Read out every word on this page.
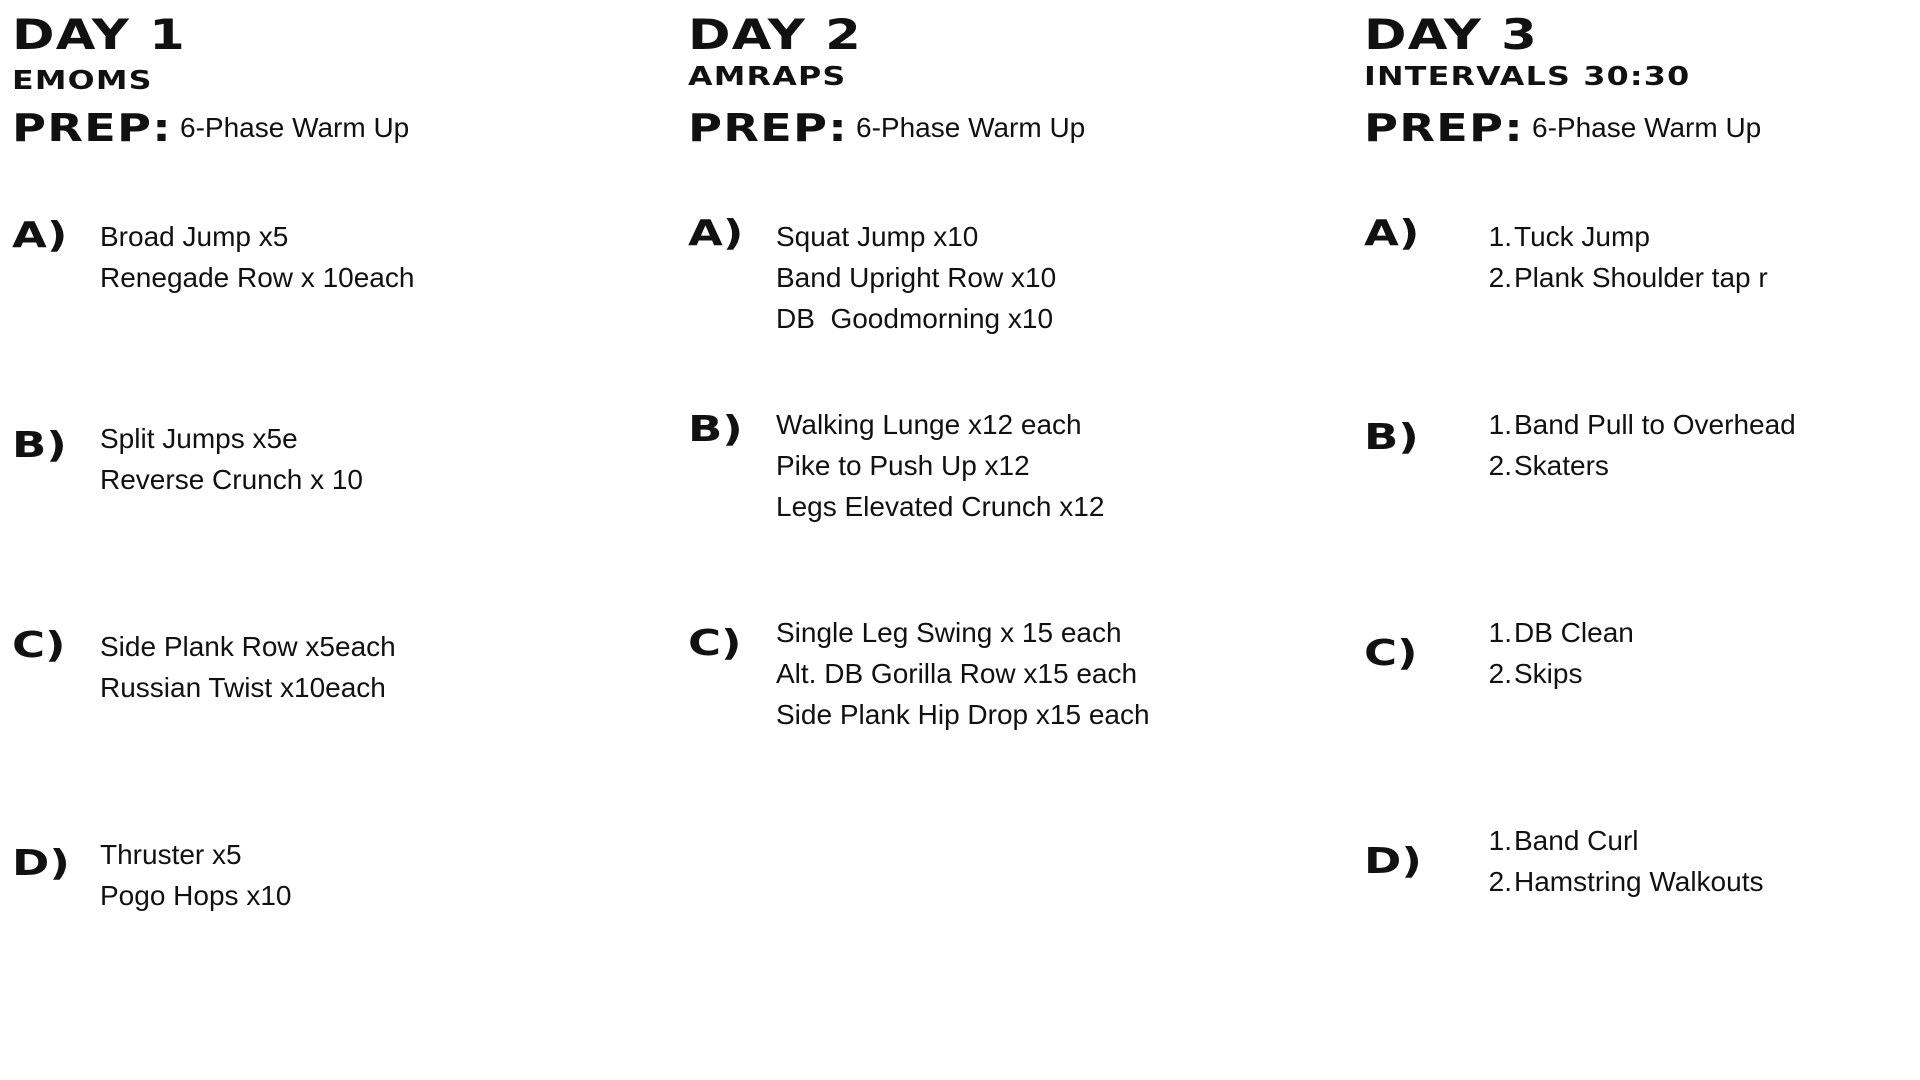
DAY 1
EMOMS
PREP: 6-Phase Warm Up
A) Broad Jump x5
Renegade Row x 10each
B) Split Jumps x5e
Reverse Crunch x 10
C) Side Plank Row x5each
Russian Twist x10each
D) Thruster x5
Pogo Hops x10
DAY 2
AMRAPS
PREP: 6-Phase Warm Up
A) Squat Jump x10
Band Upright Row x10
DB  Goodmorning x10
B) Walking Lunge x12 each
Pike to Push Up x12
Legs Elevated Crunch x12
C) Single Leg Swing x 15 each
Alt. DB Gorilla Row x15 each
Side Plank Hip Drop x15 each
DAY 3
INTERVALS 30:30
PREP: 6-Phase Warm Up
A) 1.Tuck Jump
2.Plank Shoulder tap r
B) 1.Band Pull to Overhead
2.Skaters
C)
1.DB Clean
2.Skips
D)
1.Band Curl
2.Hamstring Walkouts
